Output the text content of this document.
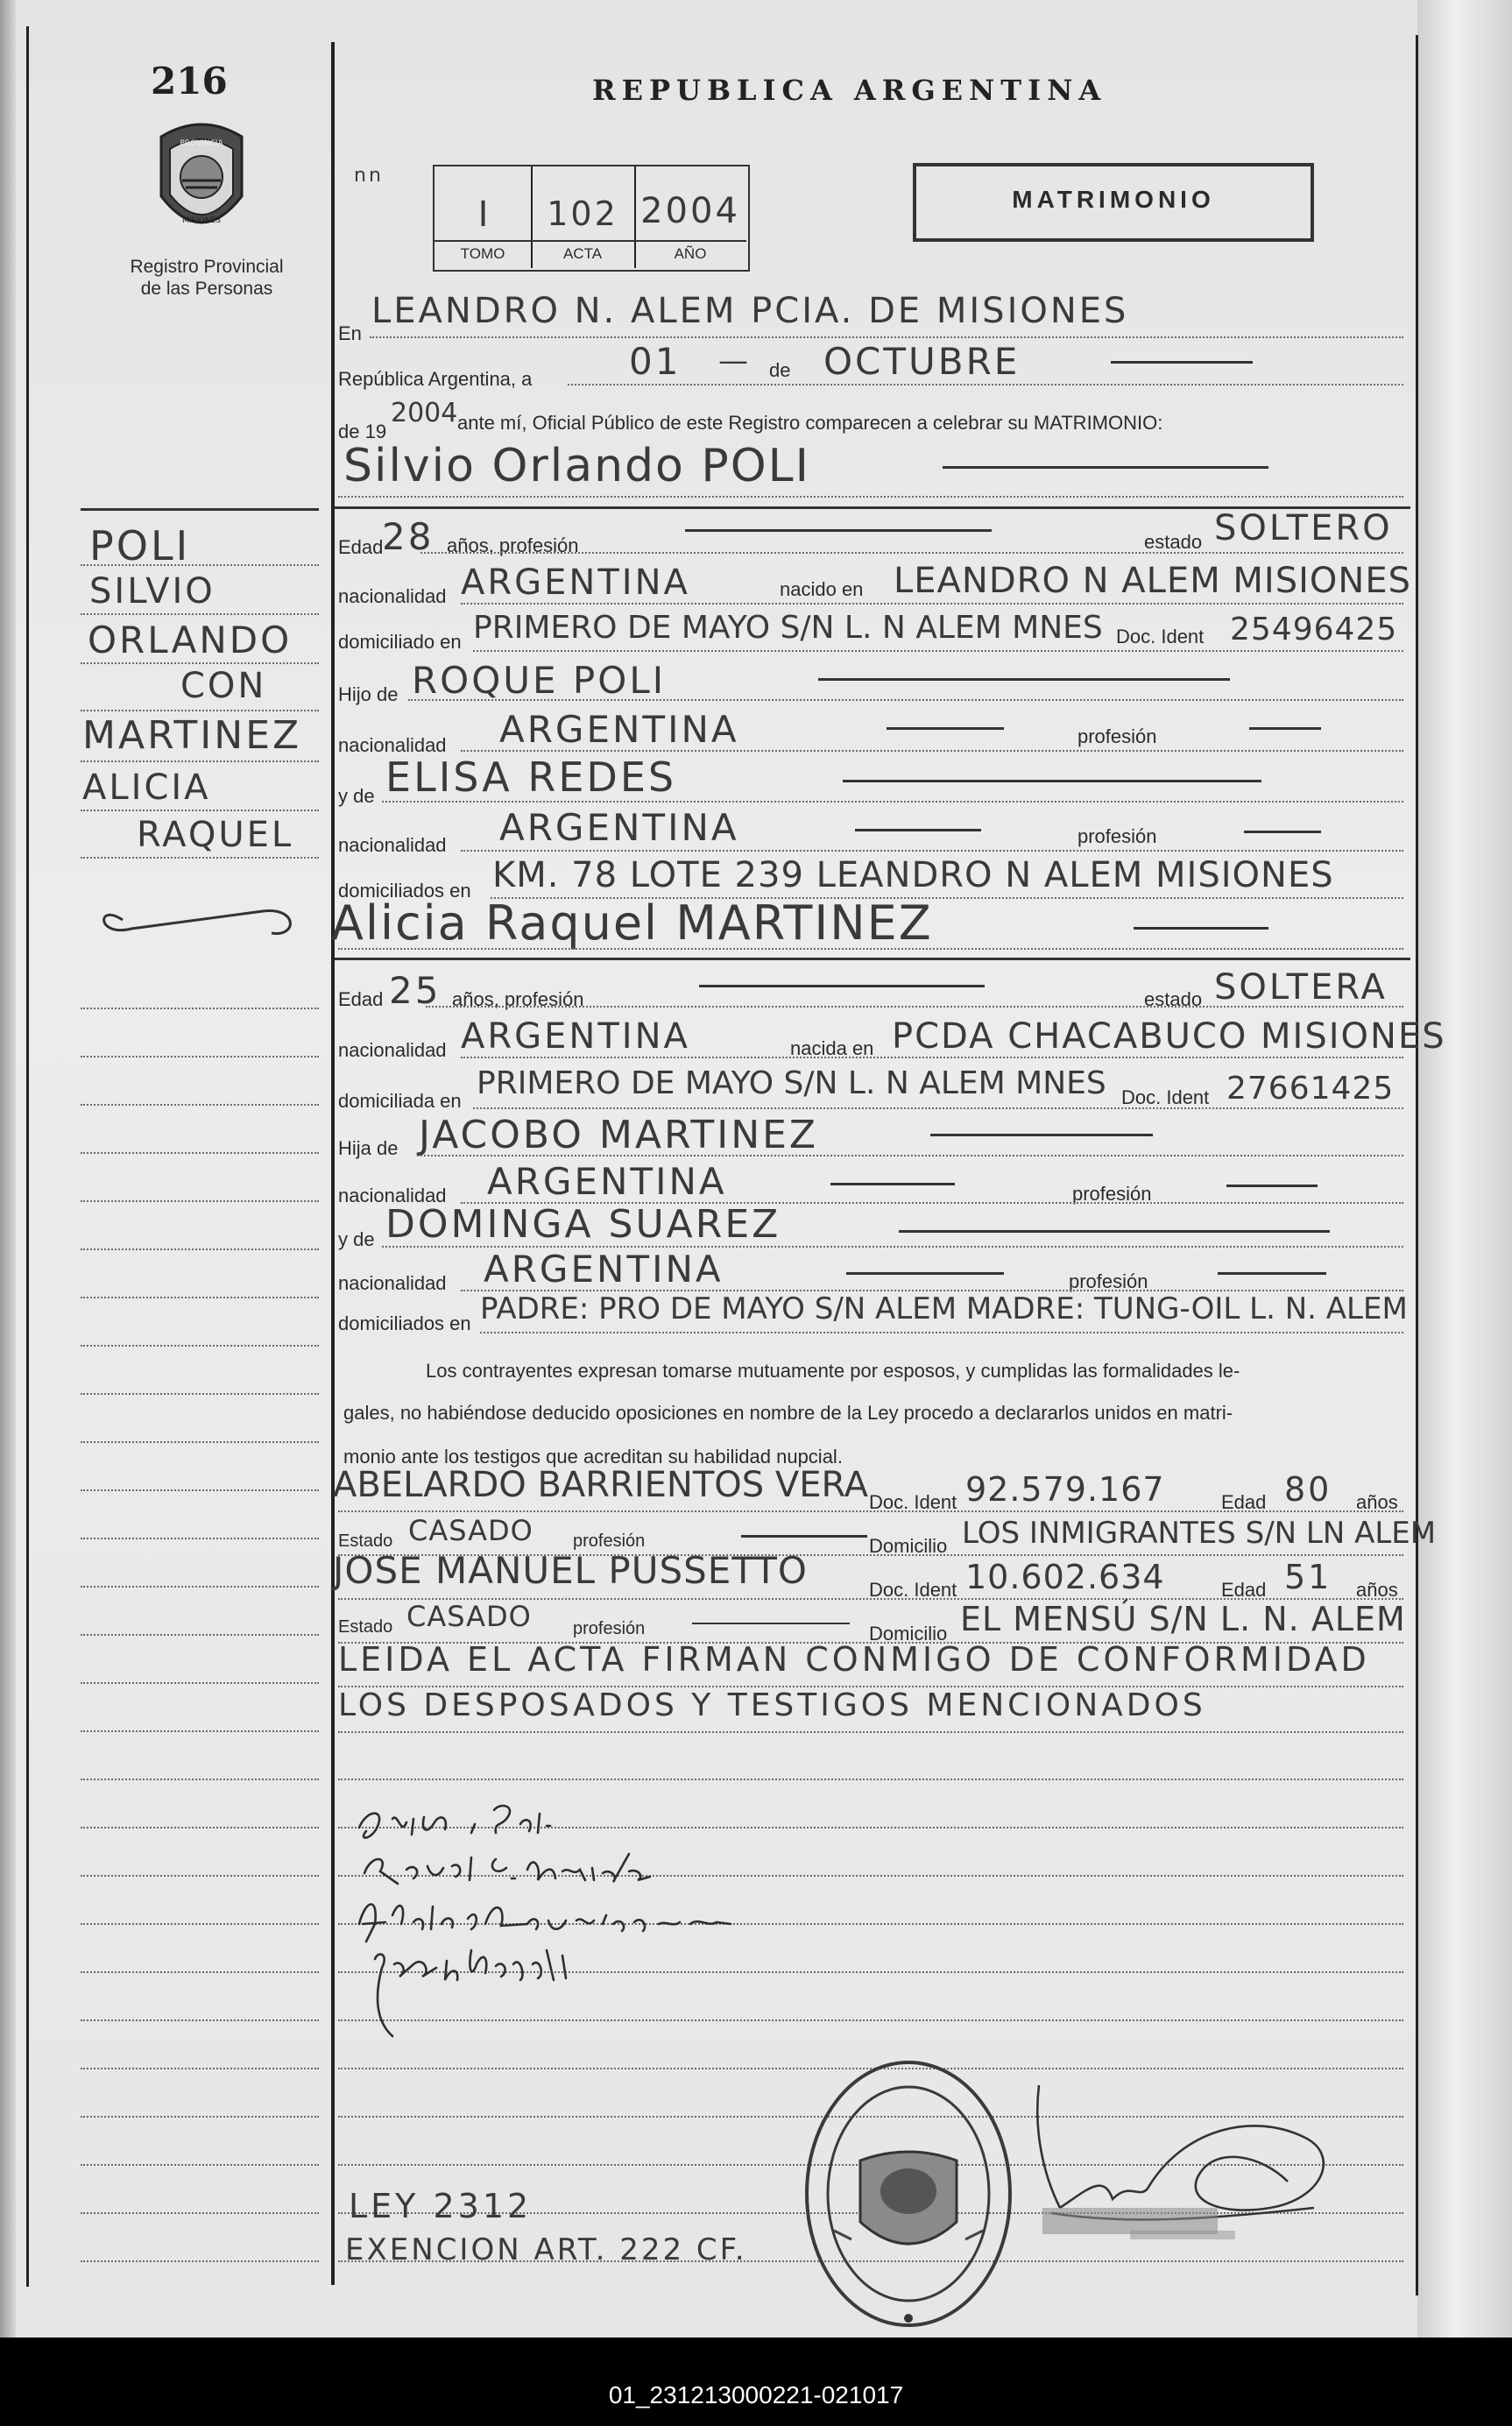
216	REPUBLICA ARGENTINA
PROVINCIA
MISIONES
Registro Provincial
de las Personas
nn
I	102 2004
TOMO	ACTA	AÑO
MATRIMONIO
POLI
SILVIO
ORLANDO
CON
MARTINEZ
ALICIA
RAQUEL
En
LEANDRO N. ALEM PCIA. DE MISIONES
República Argentina, a	01 — de OCTUBRE
de 19
2004 ante mí, Oficial Público de este Registro comparecen a celebrar su MATRIMONIO:
Silvio Orlando POLI
Edad
28 años, profesión	estado SOLTERO
nacionalidad ARGENTINA	nacido en LEANDRO N ALEM MISIONES
domiciliado en PRIMERO DE MAYO S/N L. N ALEM MNES Doc. Ident 25496425
Hijo de ROQUE POLI
nacionalidad ARGENTINA	profesión
y de ELISA REDES
nacionalidad ARGENTINA	profesión
domiciliados en KM. 78 LOTE 239 LEANDRO N ALEM MISIONES
Alicia Raquel MARTINEZ
Edad 25 años, profesión	estado SOLTERA
nacionalidad ARGENTINA	nacida en PCDA CHACABUCO MISIONES
domiciliada en PRIMERO DE MAYO S/N L. N ALEM MNES Doc. Ident 27661425
Hija de JACOBO MARTINEZ
nacionalidad ARGENTINA	profesión
y de DOMINGA SUAREZ
nacionalidad ARGENTINA	profesión
domiciliados en PADRE: PRO DE MAYO S/N ALEM MADRE: TUNG-OIL L. N. ALEM
Los contrayentes expresan tomarse mutuamente por esposos, y cumplidas las formalidades le-
gales, no habiéndose deducido oposiciones en nombre de la Ley procedo a declararlos unidos en matri-
monio ante los testigos que acreditan su habilidad nupcial.
ABELARDO BARRIENTOS VERA Doc. Ident 92.579.167	Edad 80 años
Estado CASADO profesión	Domicilio LOS INMIGRANTES S/N LN ALEM
JOSE MANUEL PUSSETTO	Doc. Ident 10.602.634	Edad 51 años
Estado CASADO profesión	Domicilio EL MENSÚ S/N L. N. ALEM
LEIDA EL ACTA FIRMAN CONMIGO DE CONFORMIDAD
LOS DESPOSADOS Y TESTIGOS MENCIONADOS
LEY 2312
EXENCION ART. 222 CF.
01_231213000221-021017
